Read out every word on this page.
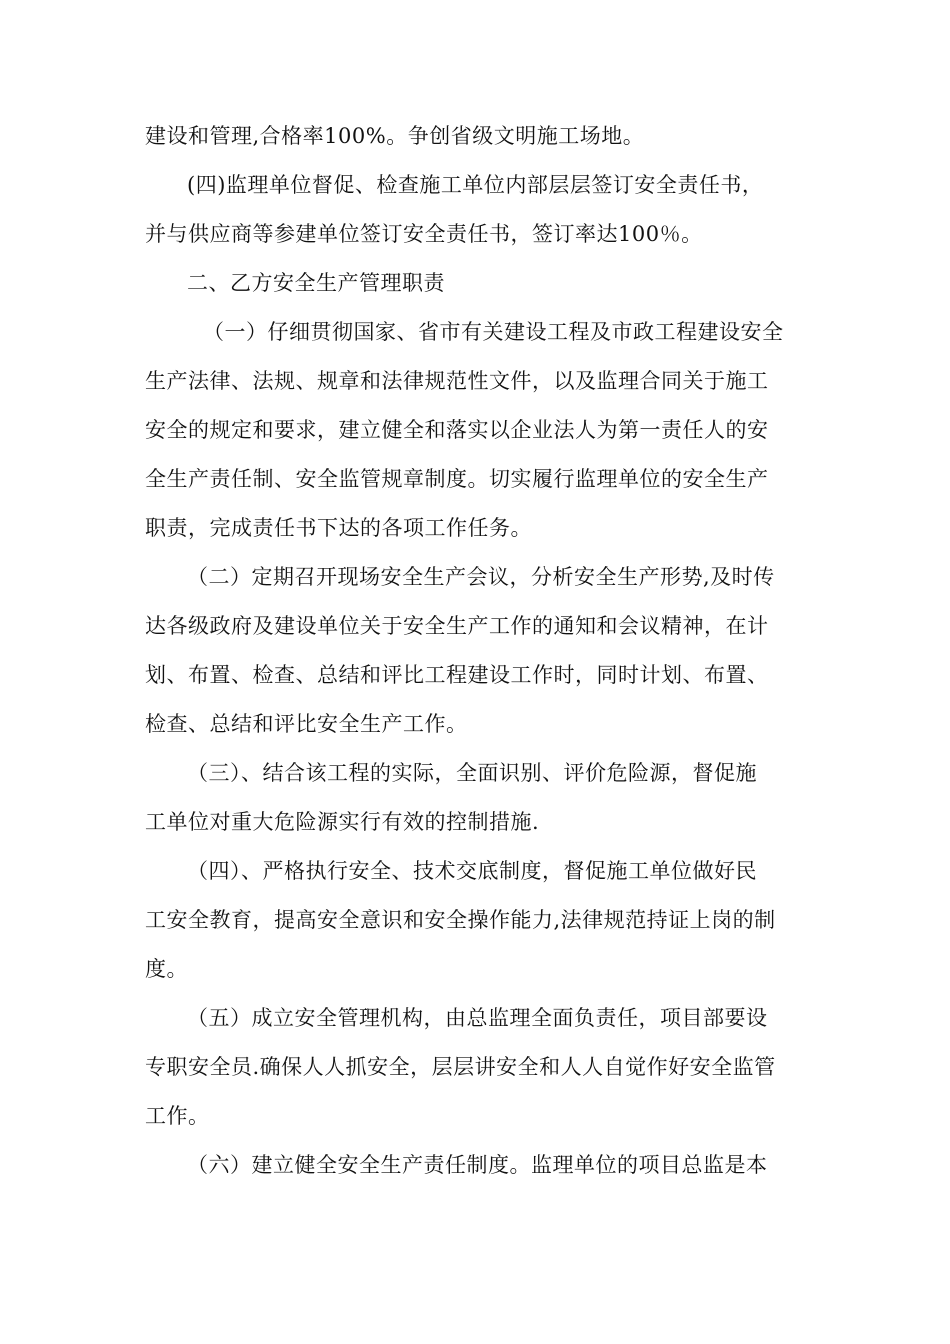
建设和管理,合格率100%。争创省级文明施工场地。
(四)监理单位督促、检查施工单位内部层层签订安全责任书，
并与供应商等参建单位签订安全责任书，签订率达100％。
二、乙方安全生产管理职责
（一）仔细贯彻国家、省市有关建设工程及市政工程建设安全
生产法律、法规、规章和法律规范性文件，以及监理合同关于施工
安全的规定和要求，建立健全和落实以企业法人为第一责任人的安
全生产责任制、安全监管规章制度。切实履行监理单位的安全生产
职责，完成责任书下达的各项工作任务。
（二）定期召开现场安全生产会议，分析安全生产形势,及时传
达各级政府及建设单位关于安全生产工作的通知和会议精神，在计
划、布置、检查、总结和评比工程建设工作时，同时计划、布置、
检查、总结和评比安全生产工作。
（三）、结合该工程的实际，全面识别、评价危险源，督促施
工单位对重大危险源实行有效的控制措施.
（四）、严格执行安全、技术交底制度，督促施工单位做好民
工安全教育，提高安全意识和安全操作能力,法律规范持证上岗的制
度。
（五）成立安全管理机构，由总监理全面负责任，项目部要设
专职安全员.确保人人抓安全，层层讲安全和人人自觉作好安全监管
工作。
（六）建立健全安全生产责任制度。监理单位的项目总监是本
